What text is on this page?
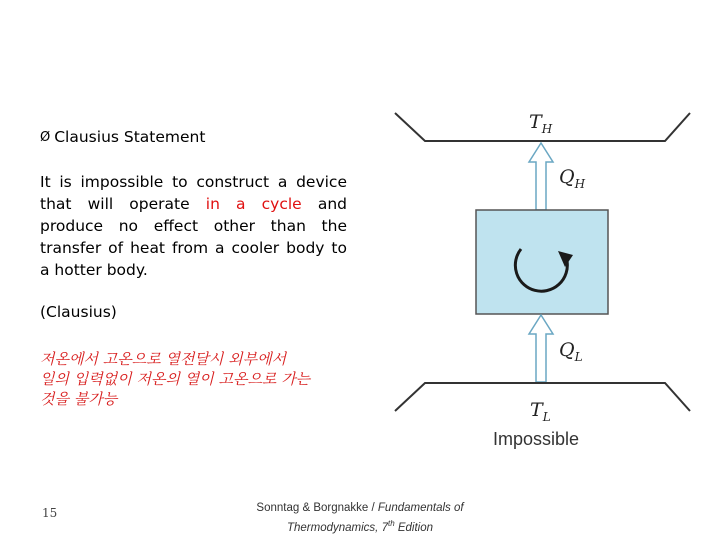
Ø Clausius Statement
It is impossible to construct a device that will operate in a cycle and produce no effect other than the transfer of heat from a cooler body to a hotter body.
(Clausius)
저온에서 고온으로 열전달시 외부에서
일의 입력없이 저온의 열이 고온으로 가는
것을 불가능
15	Sonntag & Borgnakke / Fundamentals of
Thermodynamics, 7th Edition
$T_H$
$Q_H$
$Q_L$
$T_L$
Impossible
